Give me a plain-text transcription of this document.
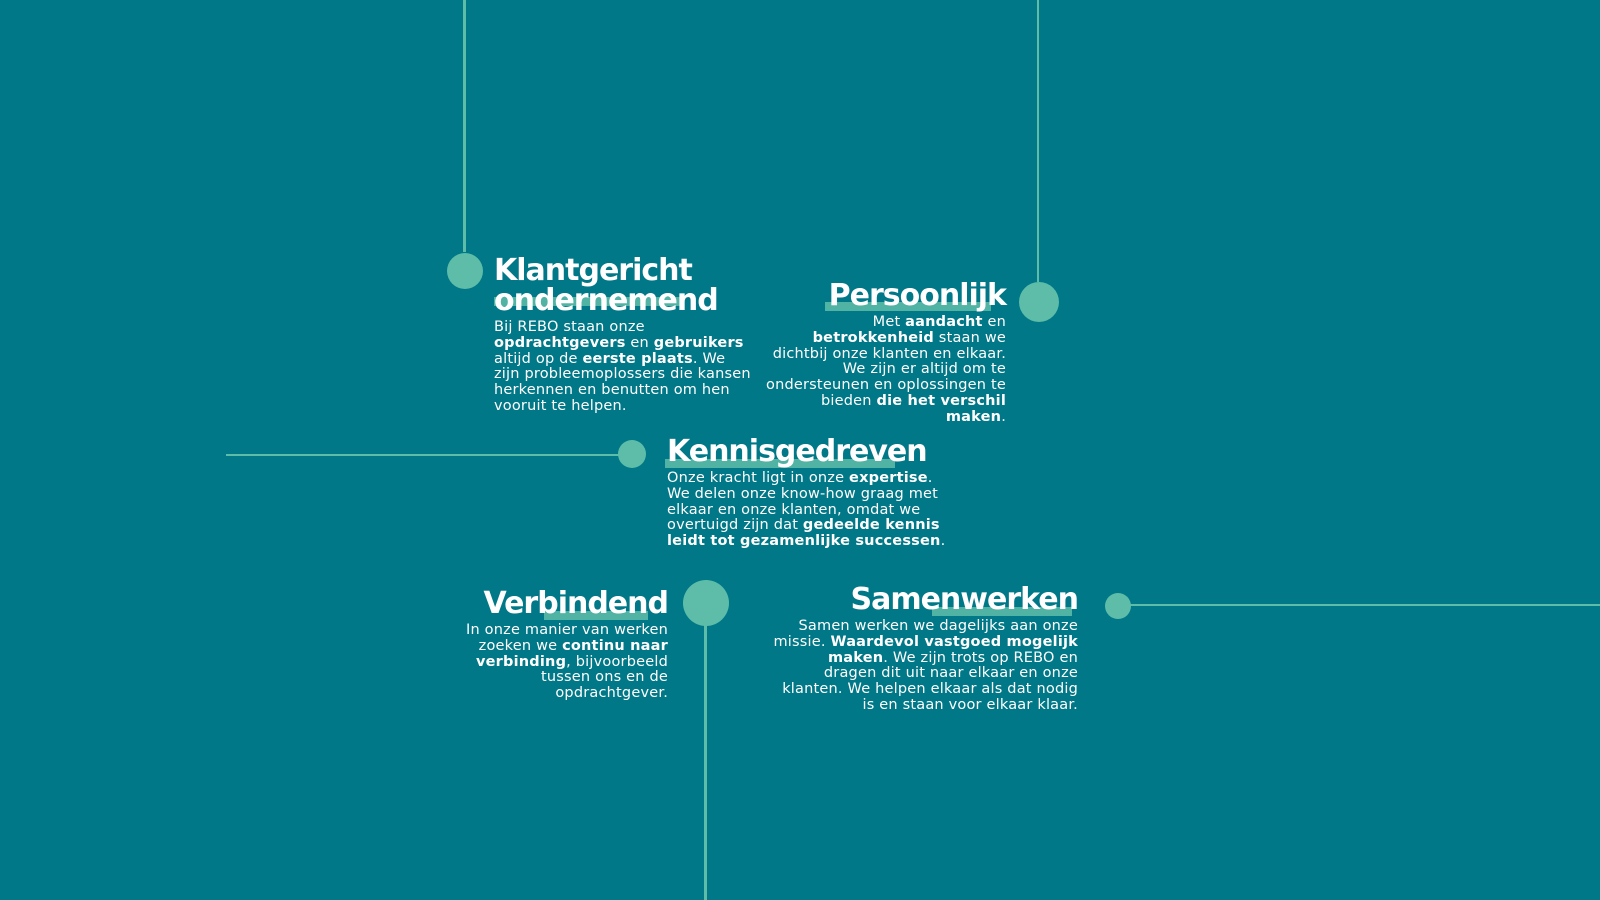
Klantgericht
ondernemend
Bij REBO staan onze opdrachtgevers en gebruikers altijd op de eerste plaats. We zijn probleemoplossers die kansen herkennen en benutten om hen vooruit te helpen.
Persoonlijk
Met aandacht en betrokkenheid staan we dichtbij onze klanten en elkaar. We zijn er altijd om te ondersteunen en oplossingen te bieden die het verschil maken.
Kennisgedreven
Onze kracht ligt in onze expertise. We delen onze know-how graag met elkaar en onze klanten, omdat we overtuigd zijn dat gedeelde kennis leidt tot gezamenlijke successen.
Verbindend
In onze manier van werken zoeken we continu naar verbinding, bijvoorbeeld tussen ons en de opdrachtgever.
Samenwerken
Samen werken we dagelijks aan onze missie. Waardevol vastgoed mogelijk maken. We zijn trots op REBO en dragen dit uit naar elkaar en onze klanten. We helpen elkaar als dat nodig is en staan voor elkaar klaar.
